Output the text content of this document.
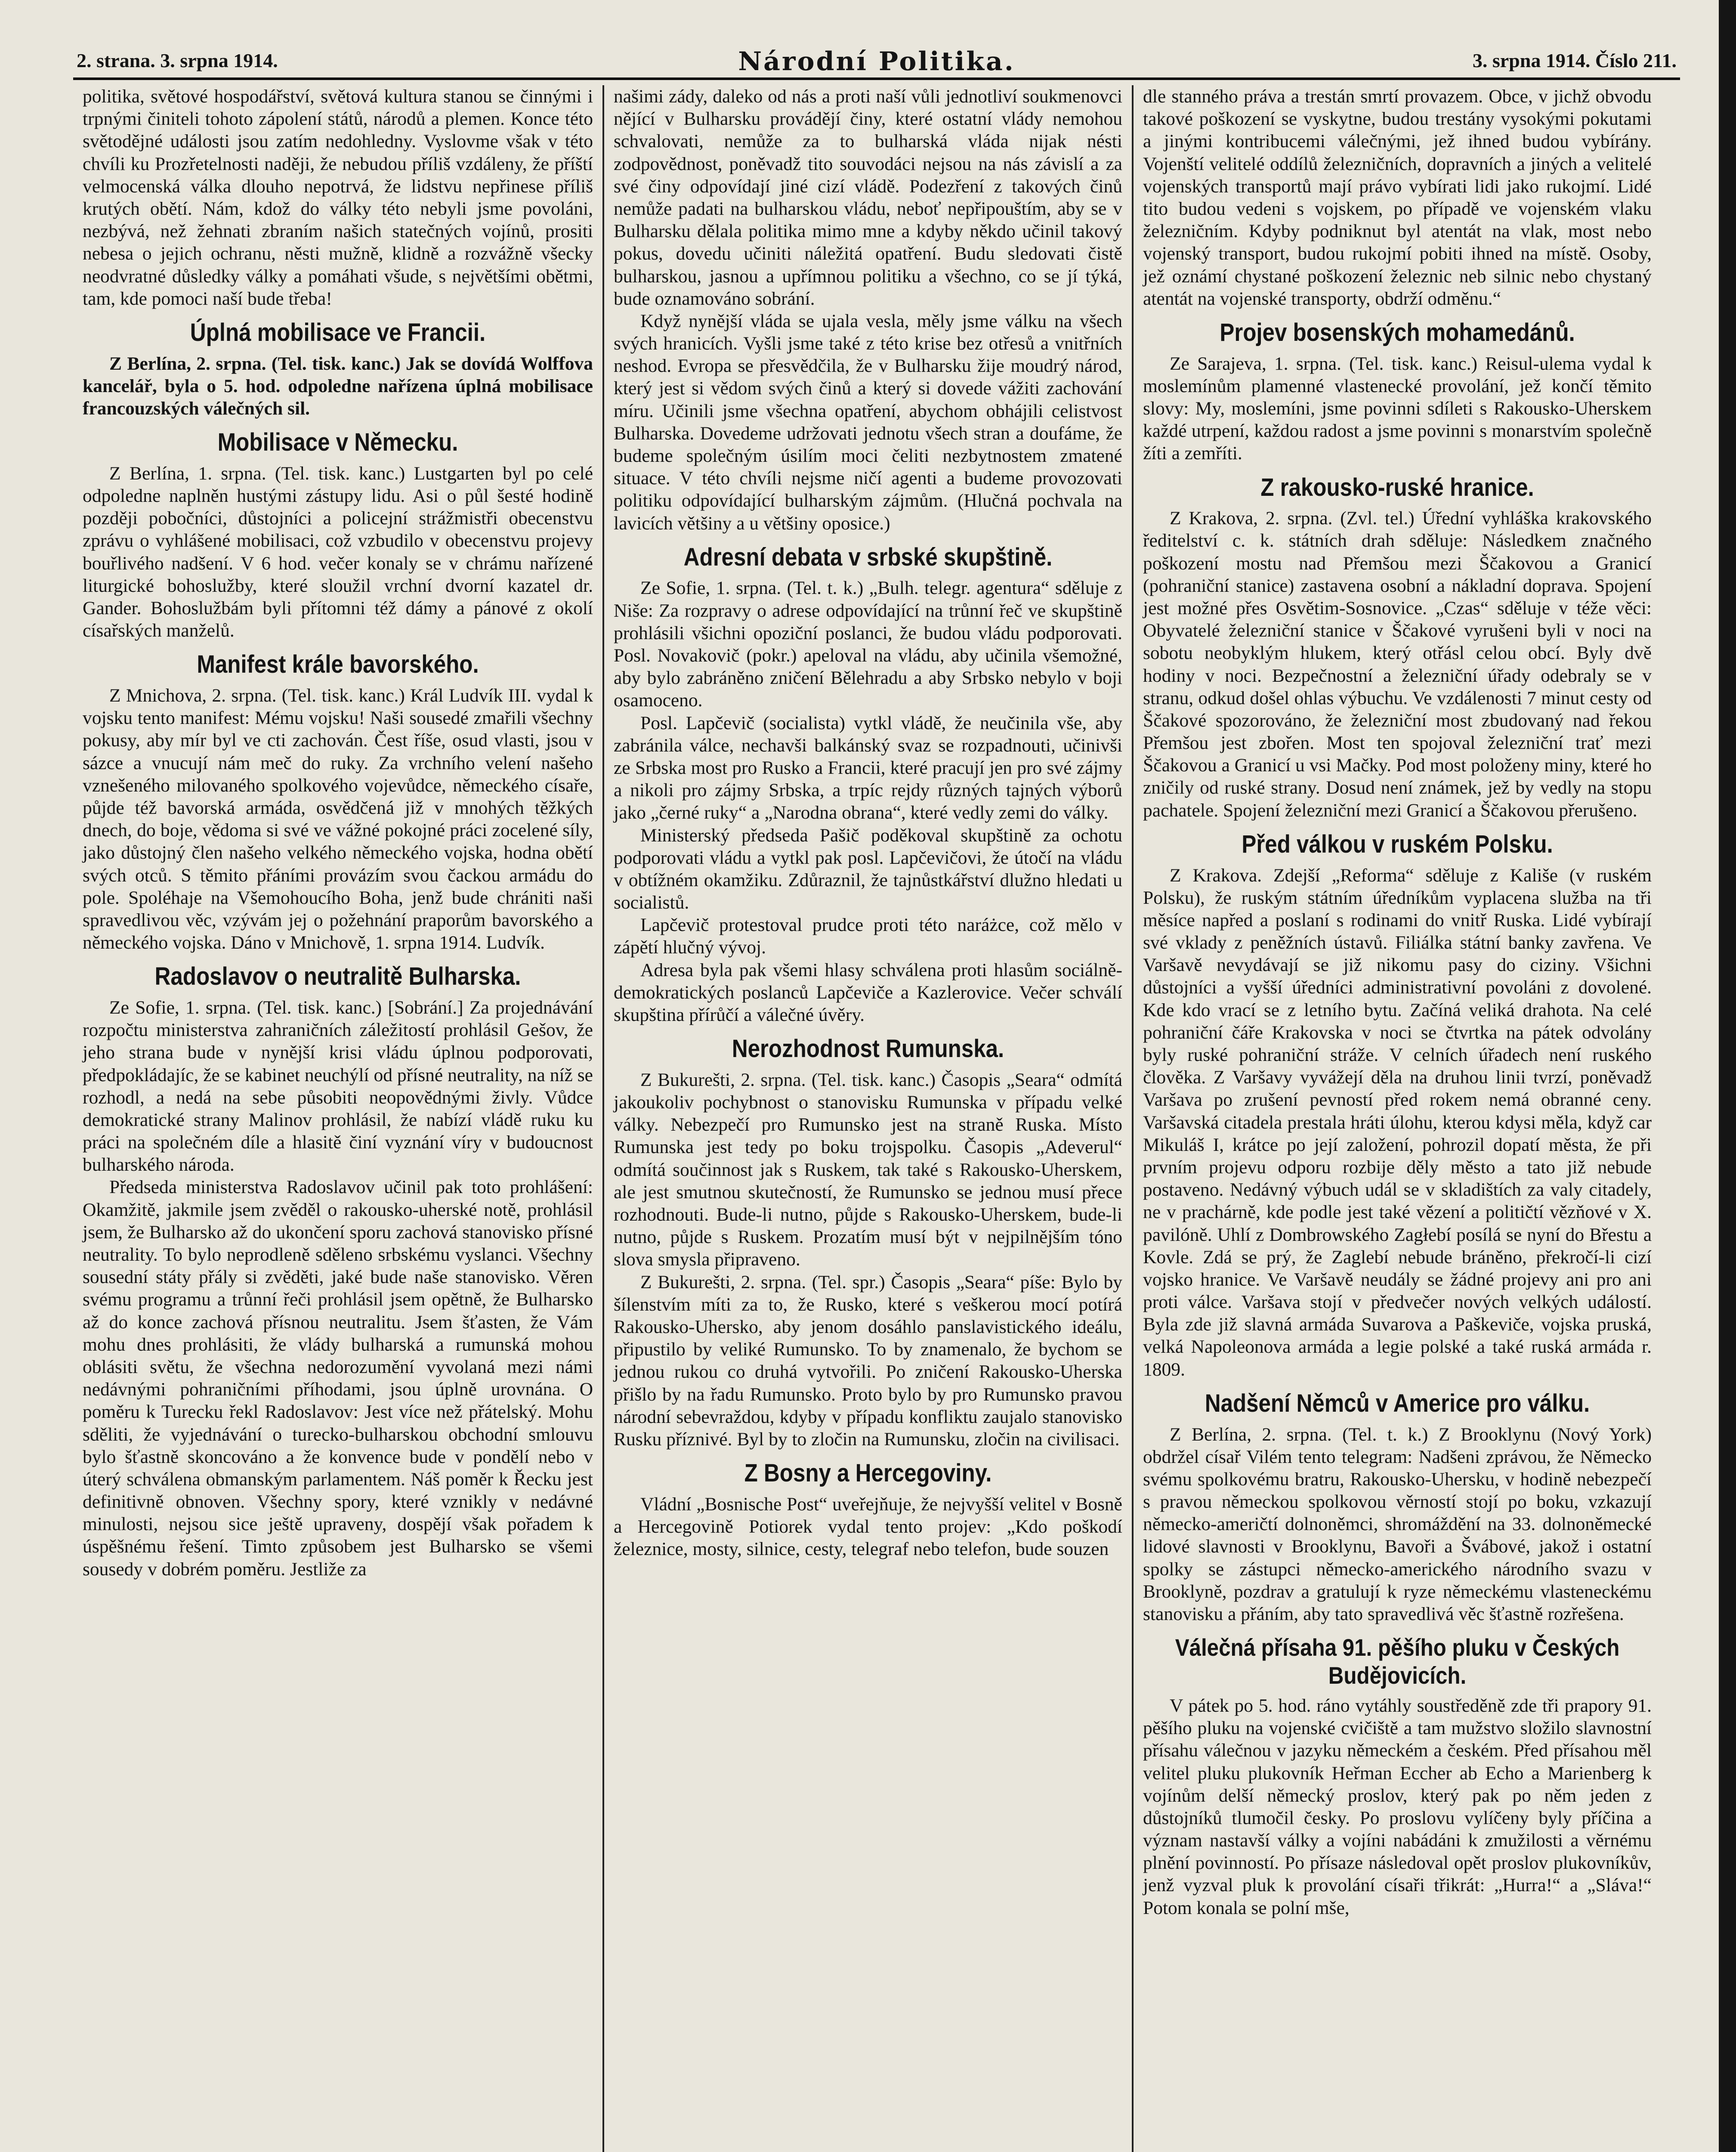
2. strana. 3. srpna 1914.	Národní Politika.	3. srpna 1914. Číslo 211.

politika, světové hospodářství, světová kultura stanou se činnými i trpnými činiteli tohoto zápolení států, národů a plemen. Konce této světodějné události jsou zatím nedohledny. Vyslovme však v této chvíli ku Prozřetelnosti naději, že nebudou příliš vzdáleny, že příští velmocenská válka dlouho nepotrvá, že lidstvu nepřinese příliš krutých obětí. Nám, kdož do války této nebyli jsme povoláni, nezbývá, než žehnati zbraním našich statečných vojínů, prositi nebesa o jejich ochranu, něsti mužně, klidně a rozvážně všecky neodvratné důsledky války a pomáhati všude, s největšími obětmi, tam, kde pomoci naší bude třeba!

Úplná mobilisace ve Francii.

Z Berlína, 2. srpna. (Tel. tisk. kanc.) Jak se dovídá Wolffova kancelář, byla o 5. hod. odpoledne nařízena úplná mobilisace francouzských válečných sil.

Mobilisace v Německu.

Z Berlína, 1. srpna. (Tel. tisk. kanc.) Lustgarten byl po celé odpoledne naplněn hustými zástupy lidu. Asi o půl šesté hodině později pobočníci, důstojníci a policejní strážmistři obecenstvu zprávu o vyhlášené mobilisaci, což vzbudilo v obecenstvu projevy bouřlivého nadšení. V 6 hod. večer konaly se v chrámu nařízené liturgické bohoslužby, které sloužil vrchní dvorní kazatel dr. Gander. Bohoslužbám byli přítomni též dámy a pánové z okolí císařských manželů.

Manifest krále bavorského.

Z Mnichova, 2. srpna. (Tel. tisk. kanc.) Král Ludvík III. vydal k vojsku tento manifest: Mému vojsku! Naši sousedé zmařili všechny pokusy, aby mír byl ve cti zachován. Čest říše, osud vlasti, jsou v sázce a vnucují nám meč do ruky. Za vrchního velení našeho vznešeného milovaného spolkového vojevůdce, německého císaře, půjde též bavorská armáda, osvědčená již v mnohých těžkých dnech, do boje, vědoma si své ve vážné pokojné práci zocelené síly, jako důstojný člen našeho velkého německého vojska, hodna obětí svých otců. S těmito přáními provázím svou čackou armádu do pole. Spoléhaje na Všemohoucího Boha, jenž bude chrániti naši spravedlivou věc, vzývám jej o požehnání praporům bavorského a německého vojska. Dáno v Mnichově, 1. srpna 1914. Ludvík.

Radoslavov o neutralitě Bulharska.

Ze Sofie, 1. srpna. (Tel. tisk. kanc.) [Sobrání.] Za projednávání rozpočtu ministerstva zahraničních záležitostí prohlásil Gešov, že jeho strana bude v nynější krisi vládu úplnou podporovati, předpokládajíc, že se kabinet neuchýlí od přísné neutrality, na níž se rozhodl, a nedá na sebe působiti neopovědnými živly. Vůdce demokratické strany Malinov prohlásil, že nabízí vládě ruku ku práci na společném díle a hlasitě činí vyznání víry v budoucnost bulharského národa.

Předseda ministerstva Radoslavov učinil pak toto prohlášení: Okamžitě, jakmile jsem zvěděl o rakousko-uherské notě, prohlásil jsem, že Bulharsko až do ukončení sporu zachová stanovisko přísné neutrality. To bylo neprodleně sděleno srbskému vyslanci. Všechny sousední státy přály si zvěděti, jaké bude naše stanovisko. Věren svému programu a trůnní řeči prohlásil jsem opětně, že Bulharsko až do konce zachová přísnou neutralitu. Jsem šťasten, že Vám mohu dnes prohlásiti, že vlády bulharská a rumunská mohou oblásiti světu, že všechna nedorozumění vyvolaná mezi námi nedávnými pohraničními příhodami, jsou úplně urovnána. O poměru k Turecku řekl Radoslavov: Jest více než přátelský. Mohu sděliti, že vyjednávání o turecko-bulharskou obchodní smlouvu bylo šťastně skoncováno a že konvence bude v pondělí nebo v úterý schválena obmanským parlamentem. Náš poměr k Řecku jest definitivně obnoven. Všechny spory, které vznikly v nedávné minulosti, nejsou sice ještě upraveny, dospějí však pořadem k úspěšnému řešení. Timto způsobem jest Bulharsko se všemi sousedy v dobrém poměru. Jestliže za

našimi zády, daleko od nás a proti naší vůli jednotliví soukmenovci nějící v Bulharsku provádějí činy, které ostatní vlády nemohou schvalovati, nemůže za to bulharská vláda nijak nésti zodpovědnost, poněvadž tito souvodáci nejsou na nás závislí a za své činy odpovídají jiné cizí vládě. Podezření z takových činů nemůže padati na bulharskou vládu, neboť nepřipouštím, aby se v Bulharsku dělala politika mimo mne a kdyby někdo učinil takový pokus, dovedu učiniti náležitá opatření. Budu sledovati čistě bulharskou, jasnou a upřímnou politiku a všechno, co se jí týká, bude oznamováno sobrání.

Když nynější vláda se ujala vesla, měly jsme válku na všech svých hranicích. Vyšli jsme také z této krise bez otřesů a vnitřních neshod. Evropa se přesvědčila, že v Bulharsku žije moudrý národ, který jest si vědom svých činů a který si dovede vážiti zachování míru. Učinili jsme všechna opatření, abychom obhájili celistvost Bulharska. Dovedeme udržovati jednotu všech stran a doufáme, že budeme společným úsilím moci čeliti nezbytnostem zmatené situace. V této chvíli nejsme ničí agenti a budeme provozovati politiku odpovídající bulharským zájmům. (Hlučná pochvala na lavicích většiny a u většiny oposice.)

Adresní debata v srbské skupštině.

Ze Sofie, 1. srpna. (Tel. t. k.) „Bulh. telegr. agentura“ sděluje z Niše: Za rozpravy o adrese odpovídající na trůnní řeč ve skupštině prohlásili všichni opoziční poslanci, že budou vládu podporovati. Posl. Novakovič (pokr.) apeloval na vládu, aby učinila všemožné, aby bylo zabráněno zničení Bělehradu a aby Srbsko nebylo v boji osamoceno.

Posl. Lapčevič (socialista) vytkl vládě, že neučinila vše, aby zabránila válce, nechavši balkánský svaz se rozpadnouti, učinivši ze Srbska most pro Rusko a Francii, které pracují jen pro své zájmy a nikoli pro zájmy Srbska, a trpíc rejdy různých tajných výborů jako „černé ruky“ a „Narodna obrana“, které vedly zemi do války.

Ministerský předseda Pašič poděkoval skupštině za ochotu podporovati vládu a vytkl pak posl. Lapčevičovi, že útočí na vládu v obtížném okamžiku. Zdůraznil, že tajnůstkářství dlužno hledati u socialistů.

Lapčevič protestoval prudce proti této naráżce, což mělo v zápětí hlučný vývoj.

Adresa byla pak všemi hlasy schválena proti hlasům sociálně-demokratických poslanců Lapčeviče a Kazlerovice. Večer schválí skupština přírůčí a válečné úvěry.

Nerozhodnost Rumunska.

Z Bukurešti, 2. srpna. (Tel. tisk. kanc.) Časopis „Seara“ odmítá jakoukoliv pochybnost o stanovisku Rumunska v případu velké války. Nebezpečí pro Rumunsko jest na straně Ruska. Místo Rumunska jest tedy po boku trojspolku. Časopis „Adeverul“ odmítá součinnost jak s Ruskem, tak také s Rakousko-Uherskem, ale jest smutnou skutečností, že Rumunsko se jednou musí přece rozhodnouti. Bude-li nutno, půjde s Rakousko-Uherskem, bude-li nutno, půjde s Ruskem. Prozatím musí být v nejpilnějším tóno slova smysla připraveno.

Z Bukurešti, 2. srpna. (Tel. spr.) Časopis „Seara“ píše: Bylo by šílenstvím míti za to, že Rusko, které s veškerou mocí potírá Rakousko-Uhersko, aby jenom dosáhlo panslavistického ideálu, připustilo by veliké Rumunsko. To by znamenalo, že bychom se jednou rukou co druhá vytvořili. Po zničení Rakousko-Uherska přišlo by na řadu Rumunsko. Proto bylo by pro Rumunsko pravou národní sebevraždou, kdyby v případu konfliktu zaujalo stanovisko Rusku příznivé. Byl by to zločin na Rumunsku, zločin na civilisaci.

Z Bosny a Hercegoviny.

Vládní „Bosnische Post“ uveřejňuje, že nejvyšší velitel v Bosně a Hercegovině Potiorek vydal tento projev: „Kdo poškodí železnice, mosty, silnice, cesty, telegraf nebo telefon, bude souzen

dle stanného práva a trestán smrtí provazem. Obce, v jichž obvodu takové poškození se vyskytne, budou trestány vysokými pokutami a jinými kontribucemi válečnými, jež ihned budou vybírány. Vojenští velitelé oddílů železničních, dopravních a jiných a velitelé vojenských transportů mají právo vybírati lidi jako rukojmí. Lidé tito budou vedeni s vojskem, po případě ve vojenském vlaku železničním. Kdyby podniknut byl atentát na vlak, most nebo vojenský transport, budou rukojmí pobiti ihned na místě. Osoby, jež oznámí chystané poškození železnic neb silnic nebo chystaný atentát na vojenské transporty, obdrží odměnu.“

Projev bosenských mohamedánů.

Ze Sarajeva, 1. srpna. (Tel. tisk. kanc.) Reisul-ulema vydal k moslemínům plamenné vlastenecké provolání, jež končí těmito slovy: My, moslemíni, jsme povinni sdíleti s Rakousko-Uherskem každé utrpení, každou radost a jsme povinni s monarstvím společně žíti a zemříti.

Z rakousko-ruské hranice.

Z Krakova, 2. srpna. (Zvl. tel.) Úřední vyhláška krakovského ředitelství c. k. státních drah sděluje: Následkem značného poškození mostu nad Přemšou mezi Ščakovou a Granicí (pohraniční stanice) zastavena osobní a nákladní doprava. Spojení jest možné přes Osvětim-Sosnovice. „Czas“ sděluje v téže věci: Obyvatelé železniční stanice v Ščakové vyrušeni byli v noci na sobotu neobyklým hlukem, který otřásl celou obcí. Byly dvě hodiny v noci. Bezpečnostní a železniční úřady odebraly se v stranu, odkud došel ohlas výbuchu. Ve vzdálenosti 7 minut cesty od Ščakové spozorováno, že železniční most zbudovaný nad řekou Přemšou jest zbořen. Most ten spojoval železniční trať mezi Ščakovou a Granicí u vsi Mačky. Pod most položeny miny, které ho zničily od ruské strany. Dosud není známek, jež by vedly na stopu pachatele. Spojení železniční mezi Granicí a Ščakovou přerušeno.

Před válkou v ruském Polsku.

Z Krakova. Zdejší „Reforma“ sděluje z Kališe (v ruském Polsku), že ruským státním úředníkům vyplacena služba na tři měsíce napřed a poslaní s rodinami do vnitř Ruska. Lidé vybírají své vklady z peněžních ústavů. Filiálka státní banky zavřena. Ve Varšavě nevydávají se již nikomu pasy do ciziny. Všichni důstojníci a vyšší úředníci administrativní povoláni z dovolené. Kde kdo vrací se z letního bytu. Začíná veliká drahota. Na celé pohraniční čáře Krakovska v noci se čtvrtka na pátek odvolány byly ruské pohraniční stráže. V celních úřadech není ruského člověka. Z Varšavy vyvážejí děla na druhou linii tvrzí, poněvadž Varšava po zrušení pevností před rokem nemá obranné ceny. Varšavská citadela prestala hráti úlohu, kterou kdysi měla, když car Mikuláš I, krátce po její založení, pohrozil dopatí města, že při prvním projevu odporu rozbije děly město a tato již nebude postaveno. Nedávný výbuch udál se v skladištích za valy citadely, ne v prachárně, kde podle jest také vězení a političtí vězňové v X. pavilóně. Uhlí z Dombrowského Zagłebí posílá se nyní do Břestu a Kovle. Zdá se prý, že Zaglebí nebude bráněno, překročí-li cizí vojsko hranice. Ve Varšavě neudály se žádné projevy ani pro ani proti válce. Varšava stojí v předvečer nových velkých událostí. Byla zde již slavná armáda Suvarova a Paškeviče, vojska pruská, velká Napoleonova armáda a legie polské a také ruská armáda r. 1809.

Nadšení Němců v Americe pro válku.

Z Berlína, 2. srpna. (Tel. t. k.) Z Brooklynu (Nový York) obdržel císař Vilém tento telegram: Nadšeni zprávou, že Německo svému spolkovému bratru, Rakousko-Uhersku, v hodině nebezpečí s pravou německou spolkovou věrností stojí po boku, vzkazují německo-američtí dolnoněmci, shromáždění na 33. dolnoněmecké lidové slavnosti v Brooklynu, Bavoři a Švábové, jakož i ostatní spolky se zástupci německo-amerického národního svazu v Brooklyně, pozdrav a gratulují k ryze německému vlasteneckému stanovisku a přáním, aby tato spravedlivá věc šťastně rozřešena.

Válečná přísaha 91. pěšího pluku v Českých Budějovicích.

V pátek po 5. hod. ráno vytáhly soustředěně zde tři prapory 91. pěšího pluku na vojenské cvičiště a tam mužstvo složilo slavnostní přísahu válečnou v jazyku německém a českém. Před přísahou měl velitel pluku plukovník Heřman Eccher ab Echo a Marienberg k vojínům delší německý proslov, který pak po něm jeden z důstojníků tlumočil česky. Po proslovu vylíčeny byly příčina a význam nastavší války a vojíni nabádáni k zmužilosti a věrnému plnění povinností. Po přísaze následoval opět proslov plukovníkův, jenž vyzval pluk k provolání císaři třikrát: „Hurra!“ a „Sláva!“ Potom konala se polní mše,
